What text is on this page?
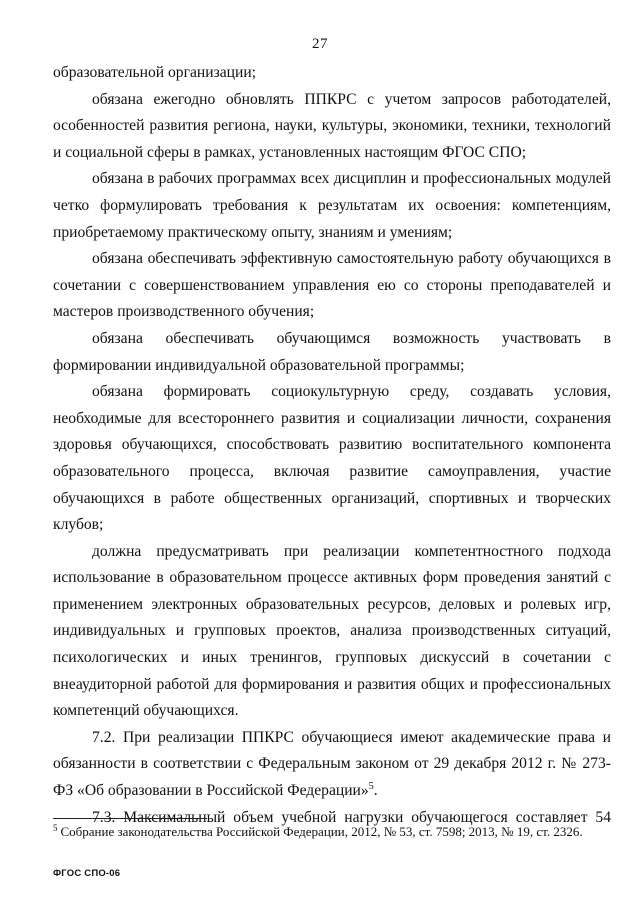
27

образовательной организации;

обязана ежегодно обновлять ППКРС с учетом запросов работодателей, особенностей развития региона, науки, культуры, экономики, техники, технологий и социальной сферы в рамках, установленных настоящим ФГОС СПО;

обязана в рабочих программах всех дисциплин и профессиональных модулей четко формулировать требования к результатам их освоения: компетенциям, приобретаемому практическому опыту, знаниям и умениям;

обязана обеспечивать эффективную самостоятельную работу обучающихся в сочетании с совершенствованием управления ею со стороны преподавателей и мастеров производственного обучения;

обязана обеспечивать обучающимся возможность участвовать в формировании индивидуальной образовательной программы;

обязана формировать социокультурную среду, создавать условия, необходимые для всестороннего развития и социализации личности, сохранения здоровья обучающихся, способствовать развитию воспитательного компонента образовательного процесса, включая развитие самоуправления, участие обучающихся в работе общественных организаций, спортивных и творческих клубов;

должна предусматривать при реализации компетентностного подхода использование в образовательном процессе активных форм проведения занятий с применением электронных образовательных ресурсов, деловых и ролевых игр, индивидуальных и групповых проектов, анализа производственных ситуаций, психологических и иных тренингов, групповых дискуссий в сочетании с внеаудиторной работой для формирования и развития общих и профессиональных компетенций обучающихся.

7.2. При реализации ППКРС обучающиеся имеют академические права и обязанности в соответствии с Федеральным законом от 29 декабря 2012 г. № 273-ФЗ «Об образовании в Российской Федерации»$^5$.

7.3. Максимальный объем учебной нагрузки обучающегося составляет 54

$^5$ Собрание законодательства Российской Федерации, 2012, № 53, ст. 7598; 2013, № 19, ст. 2326.
ФГОС СПО-06
